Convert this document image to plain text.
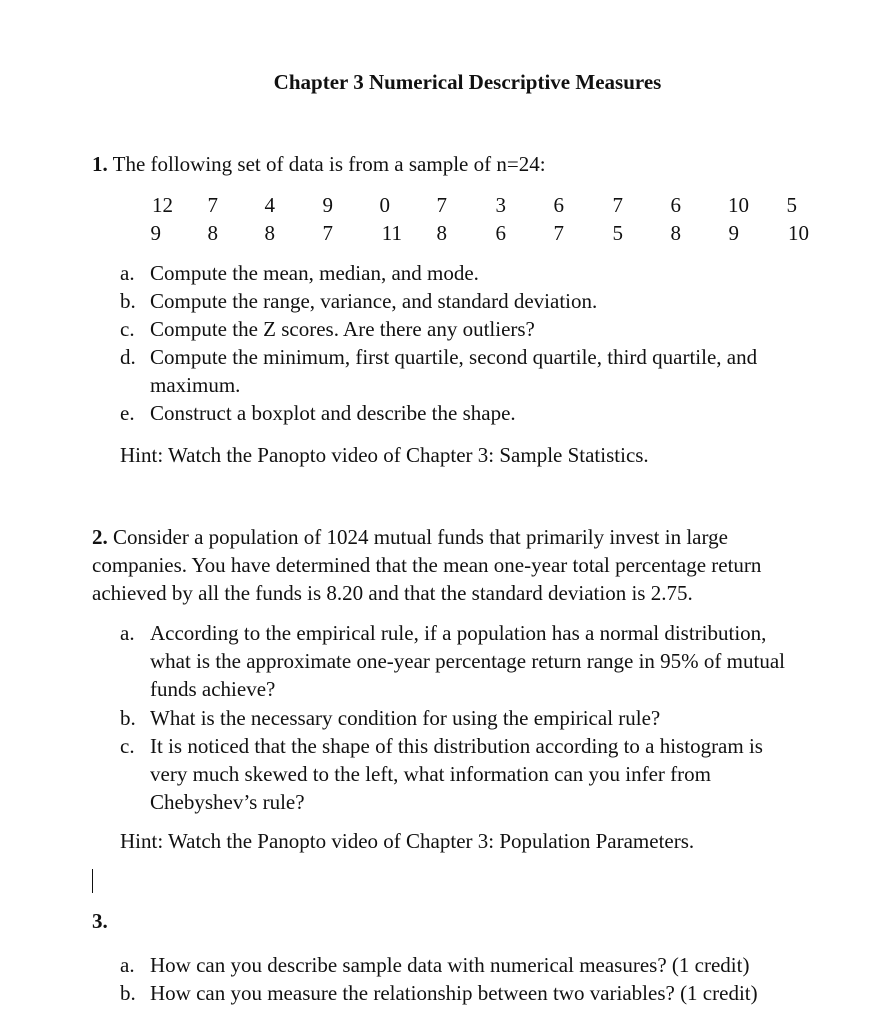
Chapter 3 Numerical Descriptive Measures
1. The following set of data is from a sample of n=24:
12	7	4	9	0	7	3	6	7	6	10	5
9	8	8	7	11	8	6	7	5	8	9	10
a. Compute the mean, median, and mode.
b. Compute the range, variance, and standard deviation.
c. Compute the Z scores. Are there any outliers?
d. Compute the minimum, first quartile, second quartile, third quartile, and
maximum.
e. Construct a boxplot and describe the shape.
Hint: Watch the Panopto video of Chapter 3: Sample Statistics.
2. Consider a population of 1024 mutual funds that primarily invest in large
companies. You have determined that the mean one-year total percentage return
achieved by all the funds is 8.20 and that the standard deviation is 2.75.
a. According to the empirical rule, if a population has a normal distribution,
what is the approximate one-year percentage return range in 95% of mutual
funds achieve?
b. What is the necessary condition for using the empirical rule?
c. It is noticed that the shape of this distribution according to a histogram is
very much skewed to the left, what information can you infer from
Chebyshev’s rule?
Hint: Watch the Panopto video of Chapter 3: Population Parameters.
3.
a. How can you describe sample data with numerical measures? (1 credit)
b. How can you measure the relationship between two variables? (1 credit)
